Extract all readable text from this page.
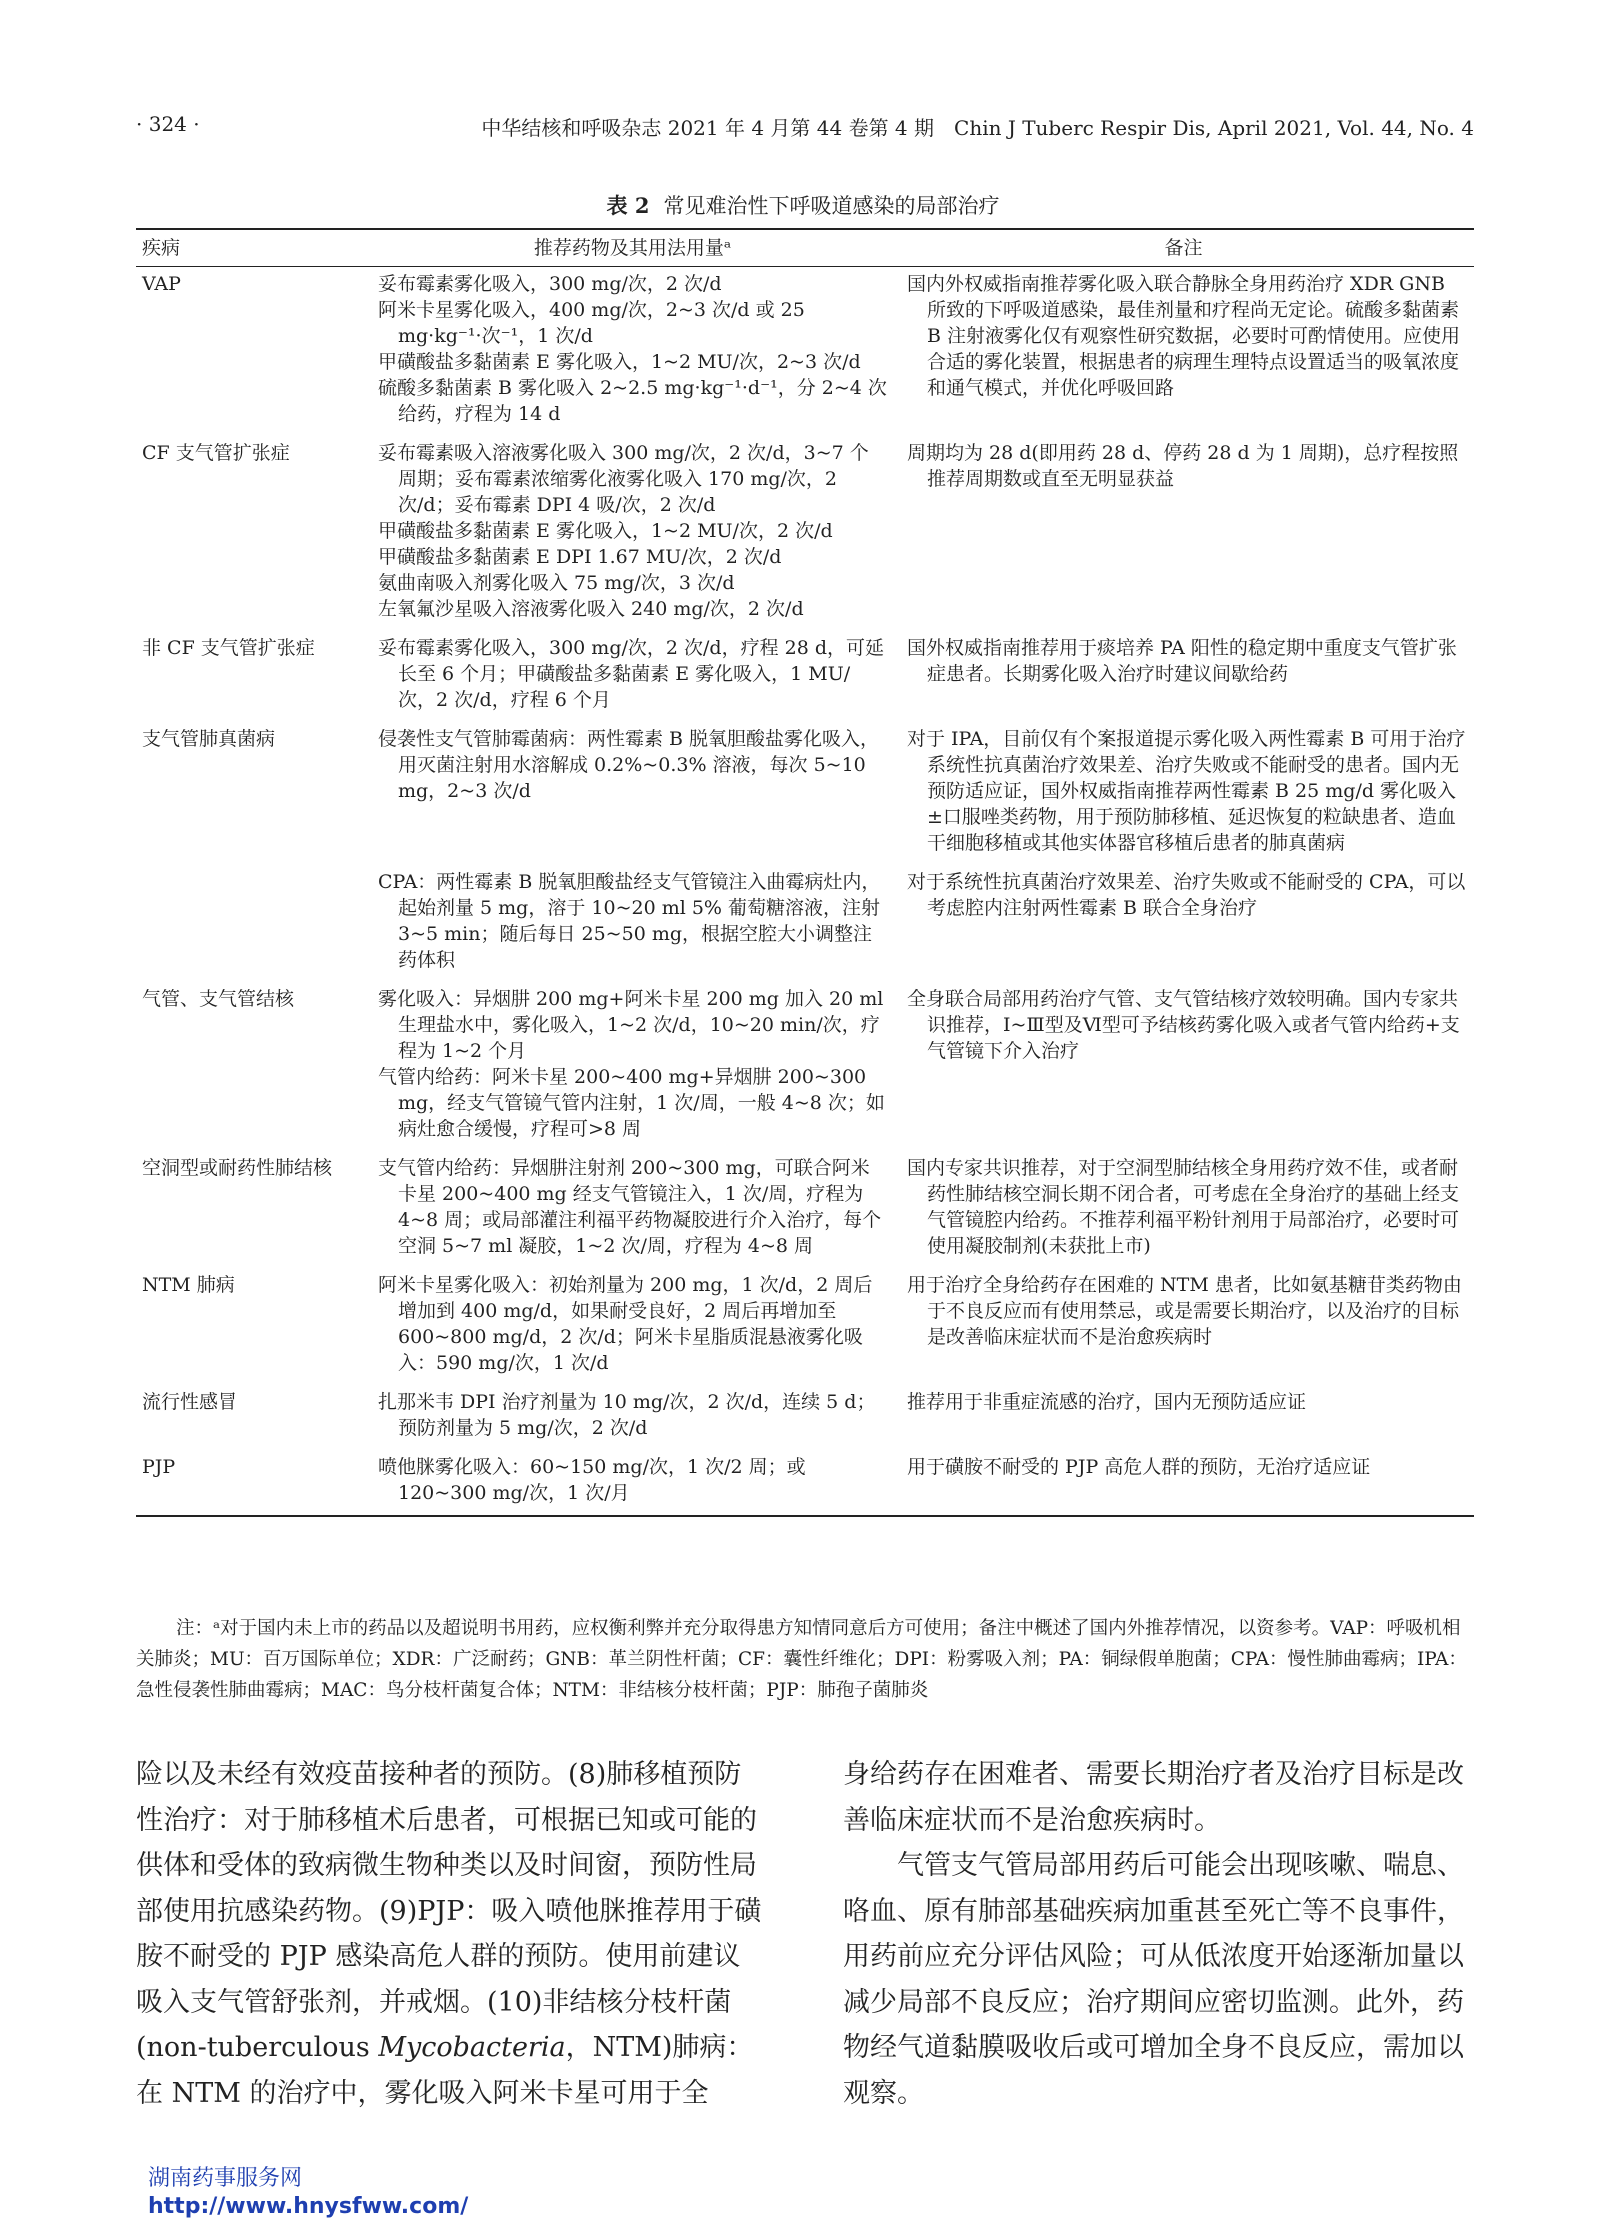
· 324 ·	中华结核和呼吸杂志 2021 年 4 月第 44 卷第 4 期　Chin J Tuberc Respir Dis, April 2021, Vol. 44, No. 4
表 2 常见难治性下呼吸道感染的局部治疗
疾病	推荐药物及其用法用量ᵃ	备注
VAP	妥布霉素雾化吸入，300 mg/次，2 次/d
阿米卡星雾化吸入，400 mg/次，2~3 次/d 或 25 mg·kg⁻¹·次⁻¹，1 次/d
甲磺酸盐多黏菌素 E 雾化吸入，1~2 MU/次，2~3 次/d
硫酸多黏菌素 B 雾化吸入 2~2.5 mg·kg⁻¹·d⁻¹，分 2~4 次给药，疗程为 14 d	国内外权威指南推荐雾化吸入联合静脉全身用药治疗 XDR GNB 所致的下呼吸道感染，最佳剂量和疗程尚无定论。硫酸多黏菌素 B 注射液雾化仅有观察性研究数据，必要时可酌情使用。应使用合适的雾化装置，根据患者的病理生理特点设置适当的吸氧浓度和通气模式，并优化呼吸回路

CF 支气管扩张症	妥布霉素吸入溶液雾化吸入 300 mg/次，2 次/d，3~7 个周期；妥布霉素浓缩雾化液雾化吸入 170 mg/次，2 次/d；妥布霉素 DPI 4 吸/次，2 次/d
甲磺酸盐多黏菌素 E 雾化吸入，1~2 MU/次，2 次/d
甲磺酸盐多黏菌素 E DPI 1.67 MU/次，2 次/d
氨曲南吸入剂雾化吸入 75 mg/次，3 次/d
左氧氟沙星吸入溶液雾化吸入 240 mg/次，2 次/d	周期均为 28 d(即用药 28 d、停药 28 d 为 1 周期)，总疗程按照推荐周期数或直至无明显获益

非 CF 支气管扩张症	妥布霉素雾化吸入，300 mg/次，2 次/d，疗程 28 d，可延长至 6 个月；甲磺酸盐多黏菌素 E 雾化吸入，1 MU/次，2 次/d，疗程 6 个月	国外权威指南推荐用于痰培养 PA 阳性的稳定期中重度支气管扩张症患者。长期雾化吸入治疗时建议间歇给药

支气管肺真菌病	侵袭性支气管肺霉菌病：两性霉素 B 脱氧胆酸盐雾化吸入，用灭菌注射用水溶解成 0.2%~0.3% 溶液，每次 5~10 mg，2~3 次/d	对于 IPA，目前仅有个案报道提示雾化吸入两性霉素 B 可用于治疗系统性抗真菌治疗效果差、治疗失败或不能耐受的患者。国内无预防适应证，国外权威指南推荐两性霉素 B 25 mg/d 雾化吸入±口服唑类药物，用于预防肺移植、延迟恢复的粒缺患者、造血干细胞移植或其他实体器官移植后患者的肺真菌病

	CPA：两性霉素 B 脱氧胆酸盐经支气管镜注入曲霉病灶内，起始剂量 5 mg，溶于 10~20 ml 5% 葡萄糖溶液，注射 3~5 min；随后每日 25~50 mg，根据空腔大小调整注药体积	对于系统性抗真菌治疗效果差、治疗失败或不能耐受的 CPA，可以考虑腔内注射两性霉素 B 联合全身治疗

气管、支气管结核	雾化吸入：异烟肼 200 mg+阿米卡星 200 mg 加入 20 ml 生理盐水中，雾化吸入，1~2 次/d，10~20 min/次，疗程为 1~2 个月
气管内给药：阿米卡星 200~400 mg+异烟肼 200~300 mg，经支气管镜气管内注射，1 次/周，一般 4~8 次；如病灶愈合缓慢，疗程可>8 周	全身联合局部用药治疗气管、支气管结核疗效较明确。国内专家共识推荐，Ⅰ~Ⅲ型及Ⅵ型可予结核药雾化吸入或者气管内给药+支气管镜下介入治疗

空洞型或耐药性肺结核	支气管内给药：异烟肼注射剂 200~300 mg，可联合阿米卡星 200~400 mg 经支气管镜注入，1 次/周，疗程为 4~8 周；或局部灌注利福平药物凝胶进行介入治疗，每个空洞 5~7 ml 凝胶，1~2 次/周，疗程为 4~8 周	国内专家共识推荐，对于空洞型肺结核全身用药疗效不佳，或者耐药性肺结核空洞长期不闭合者，可考虑在全身治疗的基础上经支气管镜腔内给药。不推荐利福平粉针剂用于局部治疗，必要时可使用凝胶制剂(未获批上市)

NTM 肺病	阿米卡星雾化吸入：初始剂量为 200 mg，1 次/d，2 周后增加到 400 mg/d，如果耐受良好，2 周后再增加至 600~800 mg/d，2 次/d；阿米卡星脂质混悬液雾化吸入：590 mg/次，1 次/d	用于治疗全身给药存在困难的 NTM 患者，比如氨基糖苷类药物由于不良反应而有使用禁忌，或是需要长期治疗，以及治疗的目标是改善临床症状而不是治愈疾病时

流行性感冒	扎那米韦 DPI 治疗剂量为 10 mg/次，2 次/d，连续 5 d；预防剂量为 5 mg/次，2 次/d	推荐用于非重症流感的治疗，国内无预防适应证

PJP	喷他脒雾化吸入：60~150 mg/次，1 次/2 周；或 120~300 mg/次，1 次/月	用于磺胺不耐受的 PJP 高危人群的预防，无治疗适应证
注：ᵃ对于国内未上市的药品以及超说明书用药，应权衡利弊并充分取得患方知情同意后方可使用；备注中概述了国内外推荐情况，以资参考。VAP：呼吸机相关肺炎；MU：百万国际单位；XDR：广泛耐药；GNB：革兰阴性杆菌；CF：囊性纤维化；DPI：粉雾吸入剂；PA：铜绿假单胞菌；CPA：慢性肺曲霉病；IPA：急性侵袭性肺曲霉病；MAC：鸟分枝杆菌复合体；NTM：非结核分枝杆菌；PJP：肺孢子菌肺炎
险以及未经有效疫苗接种者的预防。(8)肺移植预防性治疗：对于肺移植术后患者，可根据已知或可能的供体和受体的致病微生物种类以及时间窗，预防性局部使用抗感染药物。(9)PJP：吸入喷他脒推荐用于磺胺不耐受的 PJP 感染高危人群的预防。使用前建议吸入支气管舒张剂，并戒烟。(10)非结核分枝杆菌(non-tuberculous Mycobacteria，NTM)肺病：在 NTM 的治疗中，雾化吸入阿米卡星可用于全
身给药存在困难者、需要长期治疗者及治疗目标是改善临床症状而不是治愈疾病时。
气管支气管局部用药后可能会出现咳嗽、喘息、咯血、原有肺部基础疾病加重甚至死亡等不良事件，用药前应充分评估风险；可从低浓度开始逐渐加量以减少局部不良反应；治疗期间应密切监测。此外，药物经气道黏膜吸收后或可增加全身不良反应，需加以观察。
湖南药事服务网
http://www.hnysfww.com/
